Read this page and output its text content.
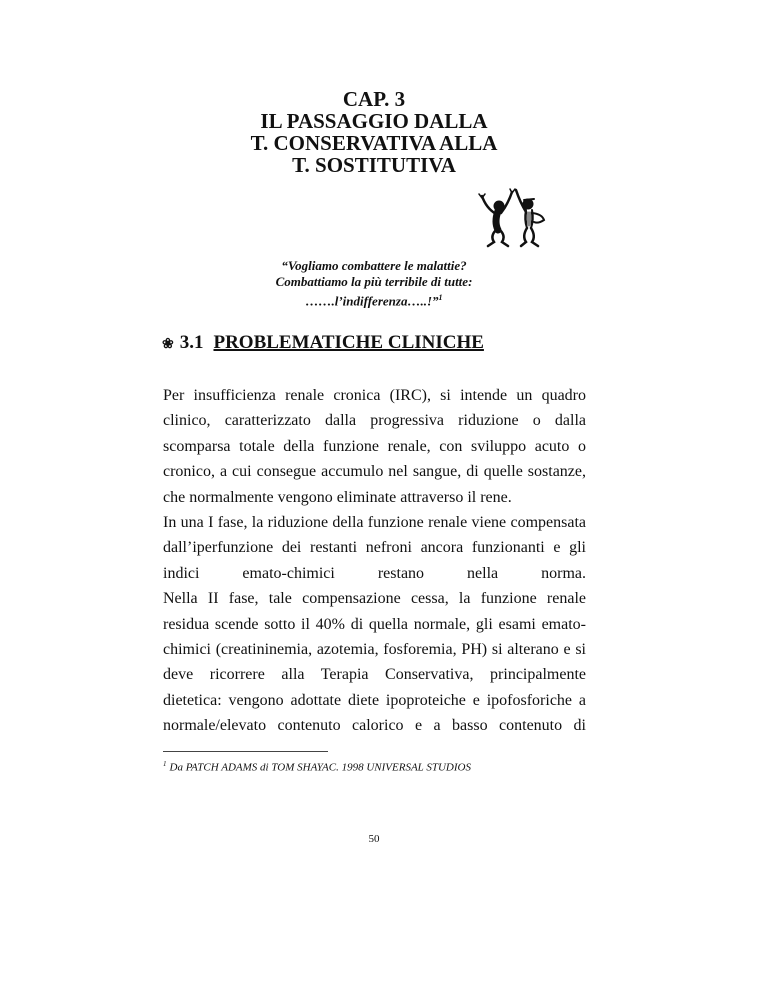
CAP. 3
IL PASSAGGIO DALLA
T. CONSERVATIVA ALLA
T. SOSTITUTIVA
“Vogliamo combattere le malattie?
Combattiamo la più terribile di tutte:
…….l’indifferenza…..!”$^1$
❀ 3.1 PROBLEMATICHE CLINICHE
Per insufficienza renale cronica (IRC), si intende un quadro
clinico, caratterizzato dalla progressiva riduzione o dalla
scomparsa totale della funzione renale, con sviluppo acuto o
cronico, a cui consegue accumulo nel sangue, di quelle sostanze,
che normalmente vengono eliminate attraverso il rene.
In una I fase, la riduzione della funzione renale viene compensata
dall’iperfunzione dei restanti nefroni ancora funzionanti e gli
indici emato-chimici restano nella norma.
Nella II fase, tale compensazione cessa, la funzione renale
residua scende sotto il 40% di quella normale, gli esami emato-
chimici (creatininemia, azotemia, fosforemia, PH) si alterano e si
deve ricorrere alla Terapia Conservativa, principalmente
dietetica: vengono adottate diete ipoproteiche e ipofosforiche a
normale/elevato contenuto calorico e a basso contenuto di
$^1$ Da PATCH ADAMS di TOM SHAYAC. 1998 UNIVERSAL STUDIOS
50
